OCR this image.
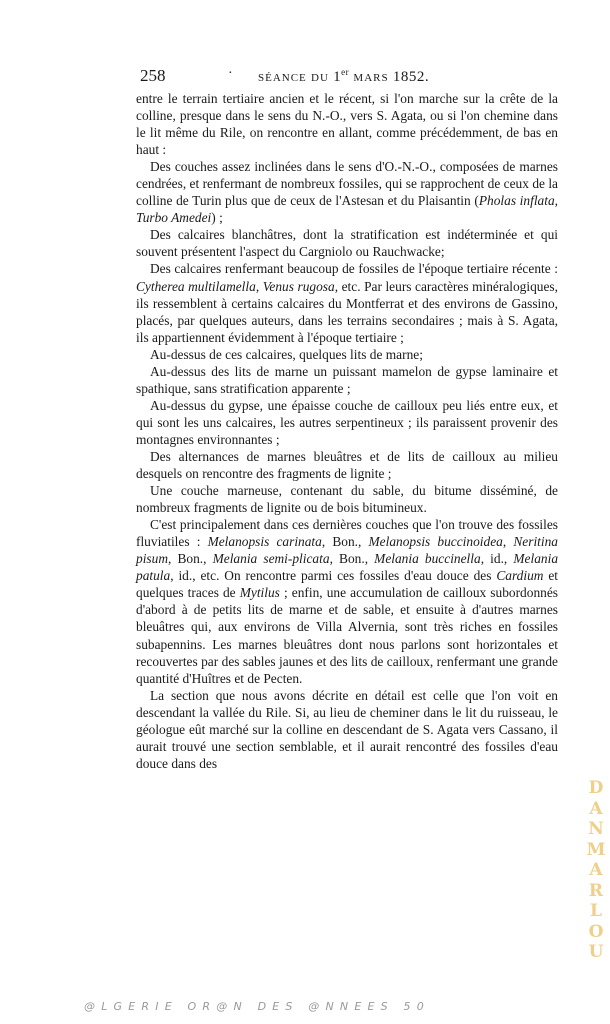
258	· SÉANCE DU 1er MARS 1852.

entre le terrain tertiaire ancien et le récent, si l'on marche sur la crête de la colline, presque dans le sens du N.-O., vers S. Agata, ou si l'on chemine dans le lit même du Rile, on rencontre en allant, comme précédemment, de bas en haut :

Des couches assez inclinées dans le sens d'O.-N.-O., composées de marnes cendrées, et renfermant de nombreux fossiles, qui se rapprochent de ceux de la colline de Turin plus que de ceux de l'Astesan et du Plaisantin (Pholas inflata, Turbo Amedei) ;

Des calcaires blanchâtres, dont la stratification est indéterminée et qui souvent présentent l'aspect du Cargniolo ou Rauchwacke;

Des calcaires renfermant beaucoup de fossiles de l'époque tertiaire récente : Cytherea multilamella, Venus rugosa, etc. Par leurs caractères minéralogiques, ils ressemblent à certains calcaires du Montferrat et des environs de Gassino, placés, par quelques auteurs, dans les terrains secondaires ; mais à S. Agata, ils appartiennent évidemment à l'époque tertiaire ;

Au-dessus de ces calcaires, quelques lits de marne;

Au-dessus des lits de marne un puissant mamelon de gypse laminaire et spathique, sans stratification apparente ;

Au-dessus du gypse, une épaisse couche de cailloux peu liés entre eux, et qui sont les uns calcaires, les autres serpentineux ; ils paraissent provenir des montagnes environnantes ;

Des alternances de marnes bleuâtres et de lits de cailloux au milieu desquels on rencontre des fragments de lignite ;

Une couche marneuse, contenant du sable, du bitume disséminé, de nombreux fragments de lignite ou de bois bitumineux.

C'est principalement dans ces dernières couches que l'on trouve des fossiles fluviatiles : Melanopsis carinata, Bon., Melanopsis buccinoidea, Neritina pisum, Bon., Melania semi-plicata, Bon., Melania buccinella, id., Melania patula, id., etc. On rencontre parmi ces fossiles d'eau douce des Cardium et quelques traces de Mytilus ; enfin, une accumulation de cailloux subordonnés d'abord à de petits lits de marne et de sable, et ensuite à d'autres marnes bleuâtres qui, aux environs de Villa Alvernia, sont très riches en fossiles subapennins. Les marnes bleuâtres dont nous parlons sont horizontales et recouvertes par des sables jaunes et des lits de cailloux, renfermant une grande quantité d'Huîtres et de Pecten.

La section que nous avons décrite en détail est celle que l'on voit en descendant la vallée du Rile. Si, au lieu de cheminer dans le lit du ruisseau, le géologue eût marché sur la colline en descendant de S. Agata vers Cassano, il aurait trouvé une section semblable, et il aurait rencontré des fossiles d'eau douce dans des

DANMARLOU
@LGERIE OR@N DES @NNEES 50
